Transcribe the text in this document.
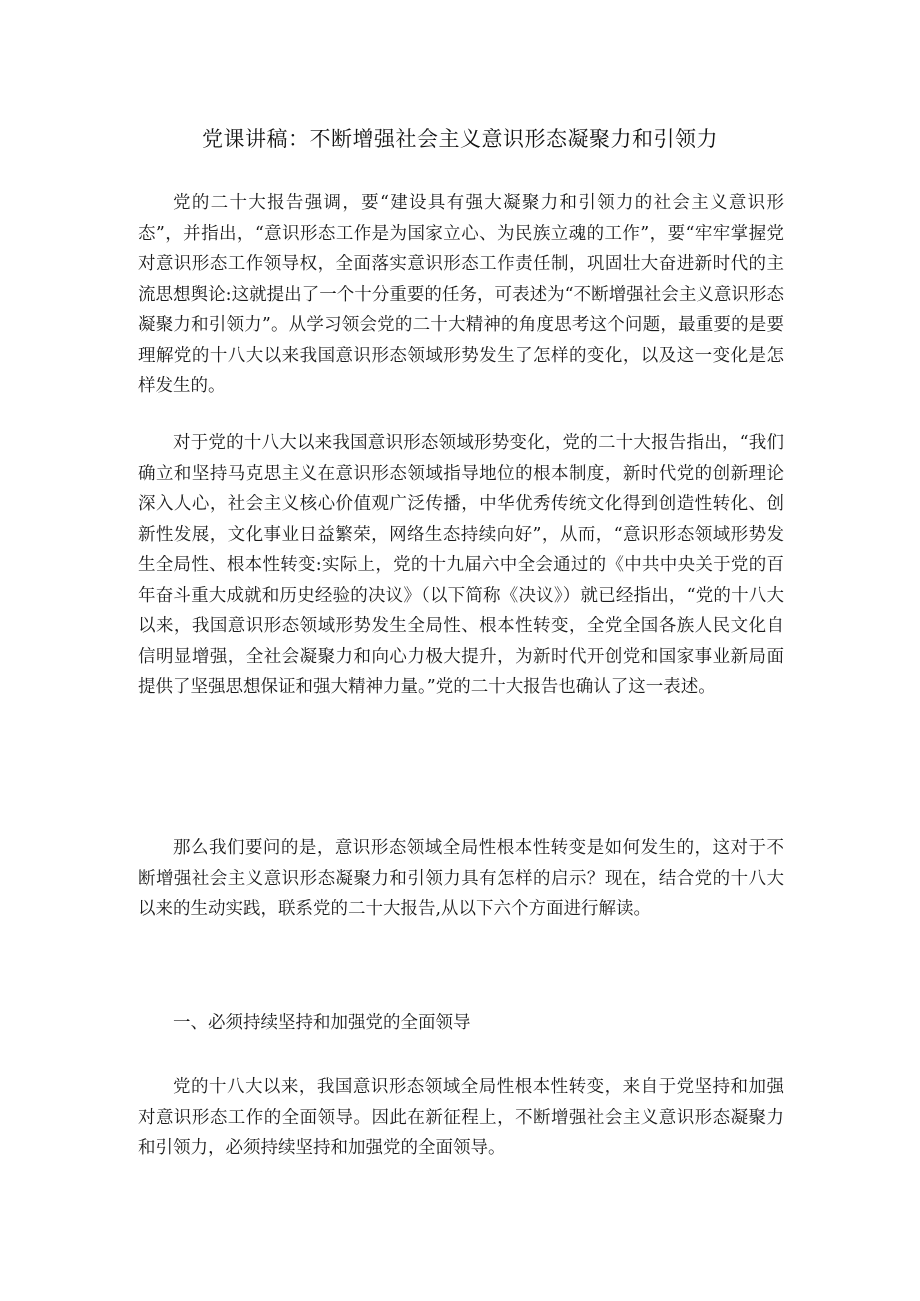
党课讲稿：不断增强社会主义意识形态凝聚力和引领力

党的二十大报告强调，要“建设具有强大凝聚力和引领力的社会主义意识形态”，并指出，“意识形态工作是为国家立心、为民族立魂的工作”，要“牢牢掌握党对意识形态工作领导权，全面落实意识形态工作责任制，巩固壮大奋进新时代的主流思想舆论:这就提出了一个十分重要的任务，可表述为“不断增强社会主义意识形态凝聚力和引领力”。从学习领会党的二十大精神的角度思考这个问题，最重要的是要理解党的十八大以来我国意识形态领域形势发生了怎样的变化，以及这一变化是怎样发生的。

对于党的十八大以来我国意识形态领域形势变化，党的二十大报告指出，“我们确立和坚持马克思主义在意识形态领域指导地位的根本制度，新时代党的创新理论深入人心，社会主义核心价值观广泛传播，中华优秀传统文化得到创造性转化、创新性发展，文化事业日益繁荣，网络生态持续向好”，从而，“意识形态领域形势发生全局性、根本性转变:实际上，党的十九届六中全会通过的《中共中央关于党的百年奋斗重大成就和历史经验的决议》（以下简称《决议》）就已经指出，“党的十八大以来，我国意识形态领域形势发生全局性、根本性转变，全党全国各族人民文化自信明显增强，全社会凝聚力和向心力极大提升，为新时代开创党和国家事业新局面提供了坚强思想保证和强大精神力量。”党的二十大报告也确认了这一表述。

那么我们要问的是，意识形态领域全局性根本性转变是如何发生的，这对于不断增强社会主义意识形态凝聚力和引领力具有怎样的启示？现在，结合党的十八大以来的生动实践，联系党的二十大报告,从以下六个方面进行解读。

一、必须持续坚持和加强党的全面领导

党的十八大以来，我国意识形态领域全局性根本性转变，来自于党坚持和加强对意识形态工作的全面领导。因此在新征程上，不断增强社会主义意识形态凝聚力和引领力，必须持续坚持和加强党的全面领导。
